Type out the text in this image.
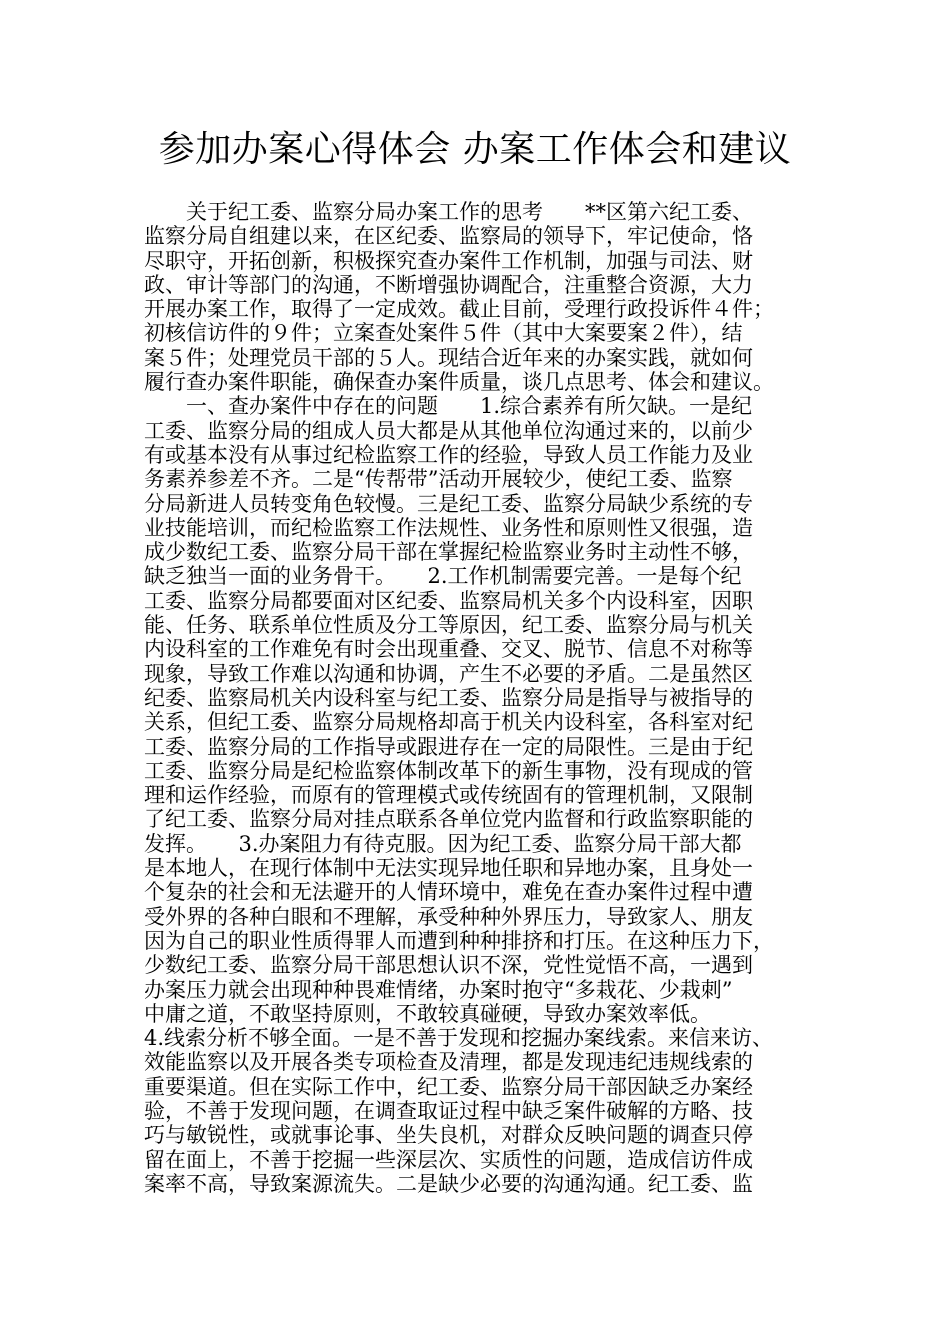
参加办案心得体会 办案工作体会和建议
　　关于纪工委、监察分局办案工作的思考　　**区第六纪工委、
监察分局自组建以来，在区纪委、监察局的领导下，牢记使命，恪
尽职守，开拓创新，积极探究查办案件工作机制，加强与司法、财
政、审计等部门的沟通，不断增强协调配合，注重整合资源，大力
开展办案工作，取得了一定成效。截止目前，受理行政投诉件４件；
初核信访件的９件；立案查处案件５件（其中大案要案２件），结
案５件；处理党员干部的５人。现结合近年来的办案实践，就如何
履行查办案件职能，确保查办案件质量，谈几点思考、体会和建议。
　　一、查办案件中存在的问题　　1.综合素养有所欠缺。一是纪
工委、监察分局的组成人员大都是从其他单位沟通过来的，以前少
有或基本没有从事过纪检监察工作的经验，导致人员工作能力及业
务素养参差不齐。二是“传帮带”活动开展较少，使纪工委、监察
分局新进人员转变角色较慢。三是纪工委、监察分局缺少系统的专
业技能培训，而纪检监察工作法规性、业务性和原则性又很强，造
成少数纪工委、监察分局干部在掌握纪检监察业务时主动性不够，
缺乏独当一面的业务骨干。　　2.工作机制需要完善。一是每个纪
工委、监察分局都要面对区纪委、监察局机关多个内设科室，因职
能、任务、联系单位性质及分工等原因，纪工委、监察分局与机关
内设科室的工作难免有时会出现重叠、交叉、脱节、信息不对称等
现象，导致工作难以沟通和协调，产生不必要的矛盾。二是虽然区
纪委、监察局机关内设科室与纪工委、监察分局是指导与被指导的
关系，但纪工委、监察分局规格却高于机关内设科室，各科室对纪
工委、监察分局的工作指导或跟进存在一定的局限性。三是由于纪
工委、监察分局是纪检监察体制改革下的新生事物，没有现成的管
理和运作经验，而原有的管理模式或传统固有的管理机制，又限制
了纪工委、监察分局对挂点联系各单位党内监督和行政监察职能的
发挥。　　3.办案阻力有待克服。因为纪工委、监察分局干部大都
是本地人，在现行体制中无法实现异地任职和异地办案，且身处一
个复杂的社会和无法避开的人情环境中，难免在查办案件过程中遭
受外界的各种白眼和不理解，承受种种外界压力，导致家人、朋友
因为自己的职业性质得罪人而遭到种种排挤和打压。在这种压力下，
少数纪工委、监察分局干部思想认识不深，党性觉悟不高，一遇到
办案压力就会出现种种畏难情绪，办案时抱守“多栽花、少栽刺”
中庸之道，不敢坚持原则，不敢较真碰硬，导致办案效率低。
4.线索分析不够全面。一是不善于发现和挖掘办案线索。来信来访、
效能监察以及开展各类专项检查及清理，都是发现违纪违规线索的
重要渠道。但在实际工作中，纪工委、监察分局干部因缺乏办案经
验，不善于发现问题，在调查取证过程中缺乏案件破解的方略、技
巧与敏锐性，或就事论事、坐失良机，对群众反映问题的调查只停
留在面上，不善于挖掘一些深层次、实质性的问题，造成信访件成
案率不高，导致案源流失。二是缺少必要的沟通沟通。纪工委、监
